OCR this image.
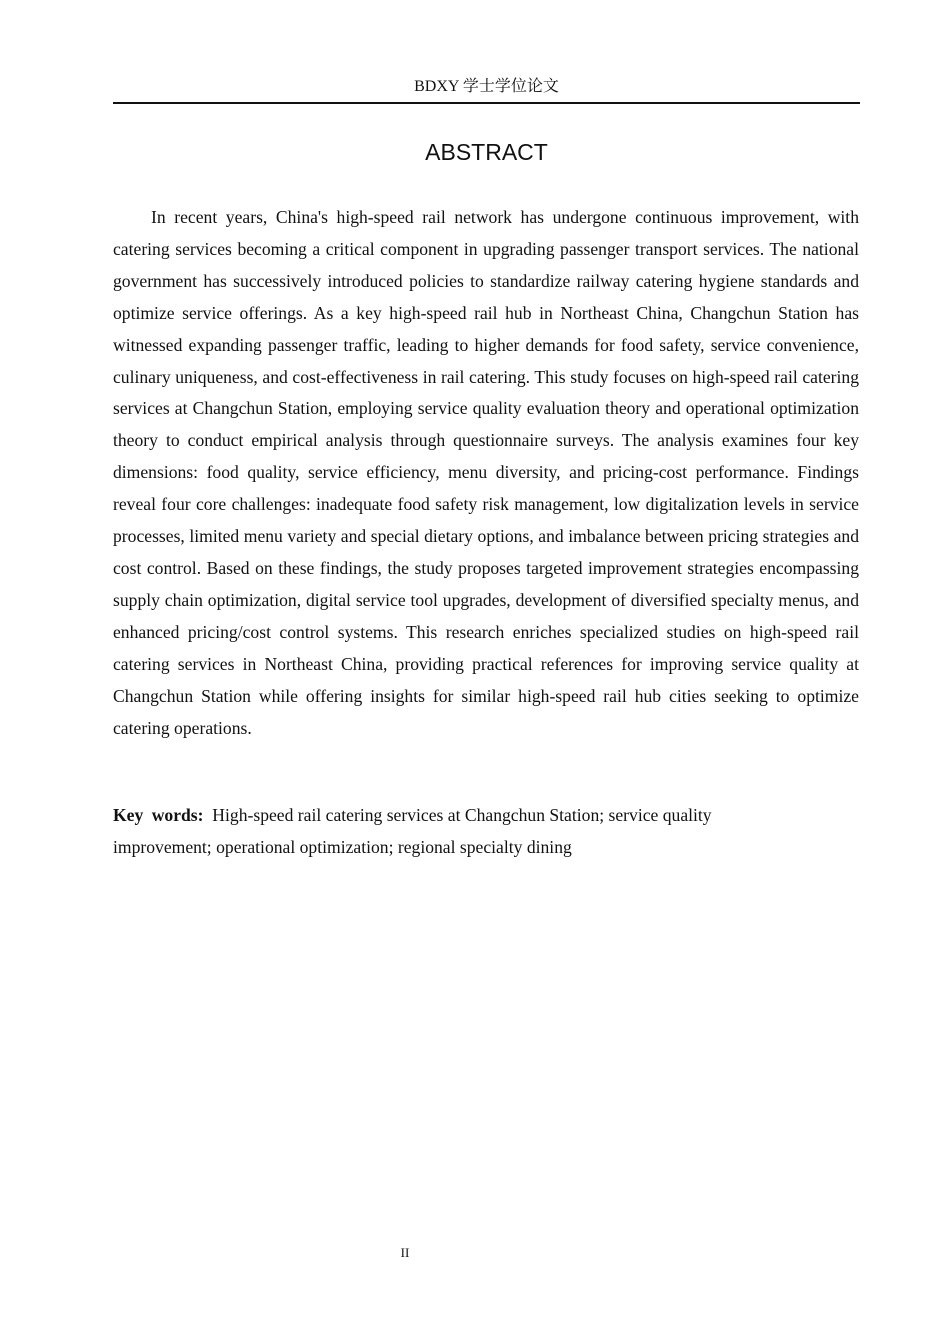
BDXY 学士学位论文
ABSTRACT

In recent years, China's high-speed rail network has undergone continuous improvement, with catering services becoming a critical component in upgrading passenger transport services. The national government has successively introduced policies to standardize railway catering hygiene standards and optimize service offerings. As a key high-speed rail hub in Northeast China, Changchun Station has witnessed expanding passenger traffic, leading to higher demands for food safety, service convenience, culinary uniqueness, and cost-effectiveness in rail catering. This study focuses on high-speed rail catering services at Changchun Station, employing service quality evaluation theory and operational optimization theory to conduct empirical analysis through questionnaire surveys. The analysis examines four key dimensions: food quality, service efficiency, menu diversity, and pricing-cost performance. Findings reveal four core challenges: inadequate food safety risk management, low digitalization levels in service processes, limited menu variety and special dietary options, and imbalance between pricing strategies and cost control. Based on these findings, the study proposes targeted improvement strategies encompassing supply chain optimization, digital service tool upgrades, development of diversified specialty menus, and enhanced pricing/cost control systems. This research enriches specialized studies on high-speed rail catering services in Northeast China, providing practical references for improving service quality at Changchun Station while offering insights for similar high-speed rail hub cities seeking to optimize catering operations.

Key words: High-speed rail catering services at Changchun Station; service quality improvement; operational optimization; regional specialty dining

II
